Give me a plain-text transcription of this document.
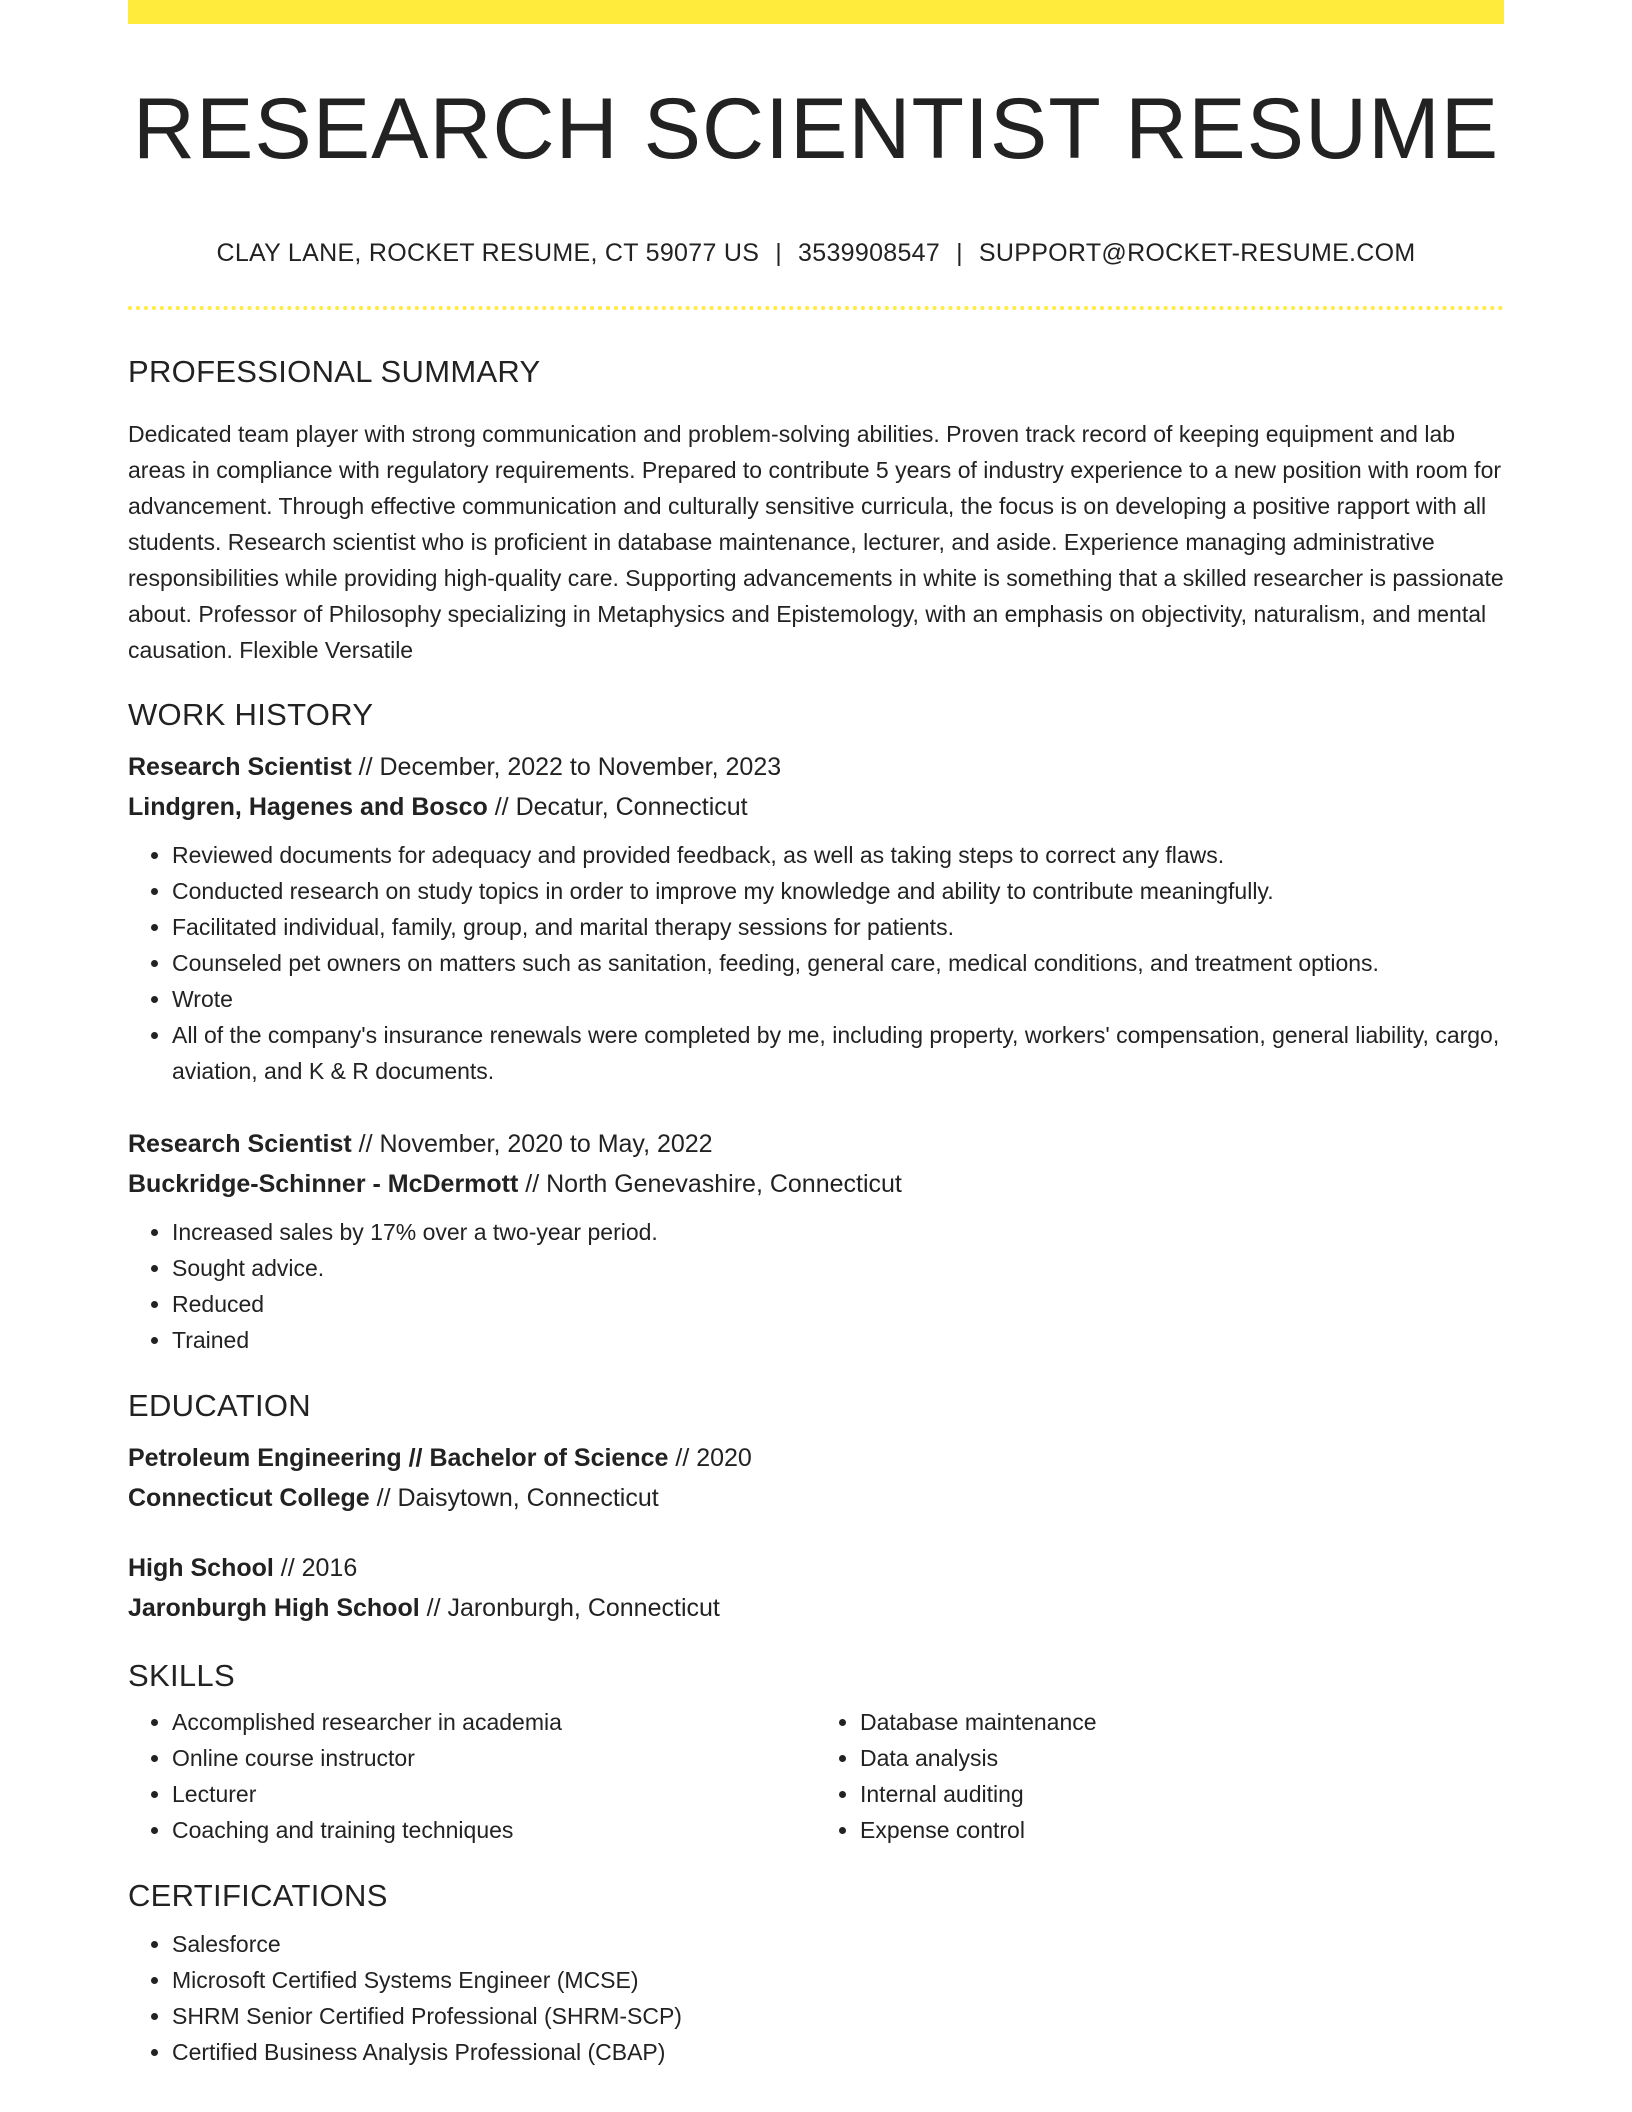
RESEARCH SCIENTIST RESUME
CLAY LANE, ROCKET RESUME, CT 59077 US | 3539908547 | SUPPORT@ROCKET-RESUME.COM
PROFESSIONAL SUMMARY
Dedicated team player with strong communication and problem-solving abilities. Proven track record of keeping equipment and lab areas in compliance with regulatory requirements. Prepared to contribute 5 years of industry experience to a new position with room for advancement. Through effective communication and culturally sensitive curricula, the focus is on developing a positive rapport with all students. Research scientist who is proficient in database maintenance, lecturer, and aside. Experience managing administrative responsibilities while providing high-quality care. Supporting advancements in white is something that a skilled researcher is passionate about. Professor of Philosophy specializing in Metaphysics and Epistemology, with an emphasis on objectivity, naturalism, and mental causation. Flexible Versatile
WORK HISTORY
Research Scientist // December, 2022 to November, 2023
Lindgren, Hagenes and Bosco // Decatur, Connecticut
• Reviewed documents for adequacy and provided feedback, as well as taking steps to correct any flaws.
• Conducted research on study topics in order to improve my knowledge and ability to contribute meaningfully.
• Facilitated individual, family, group, and marital therapy sessions for patients.
• Counseled pet owners on matters such as sanitation, feeding, general care, medical conditions, and treatment options.
• Wrote
• All of the company's insurance renewals were completed by me, including property, workers' compensation, general liability, cargo, aviation, and K & R documents.
Research Scientist // November, 2020 to May, 2022
Buckridge-Schinner - McDermott // North Genevashire, Connecticut
• Increased sales by 17% over a two-year period.
• Sought advice.
• Reduced
• Trained
EDUCATION
Petroleum Engineering // Bachelor of Science // 2020
Connecticut College // Daisytown, Connecticut
High School // 2016
Jaronburgh High School // Jaronburgh, Connecticut
SKILLS
• Accomplished researcher in academia
• Online course instructor
• Lecturer
• Coaching and training techniques
• Database maintenance
• Data analysis
• Internal auditing
• Expense control
CERTIFICATIONS
• Salesforce
• Microsoft Certified Systems Engineer (MCSE)
• SHRM Senior Certified Professional (SHRM-SCP)
• Certified Business Analysis Professional (CBAP)
